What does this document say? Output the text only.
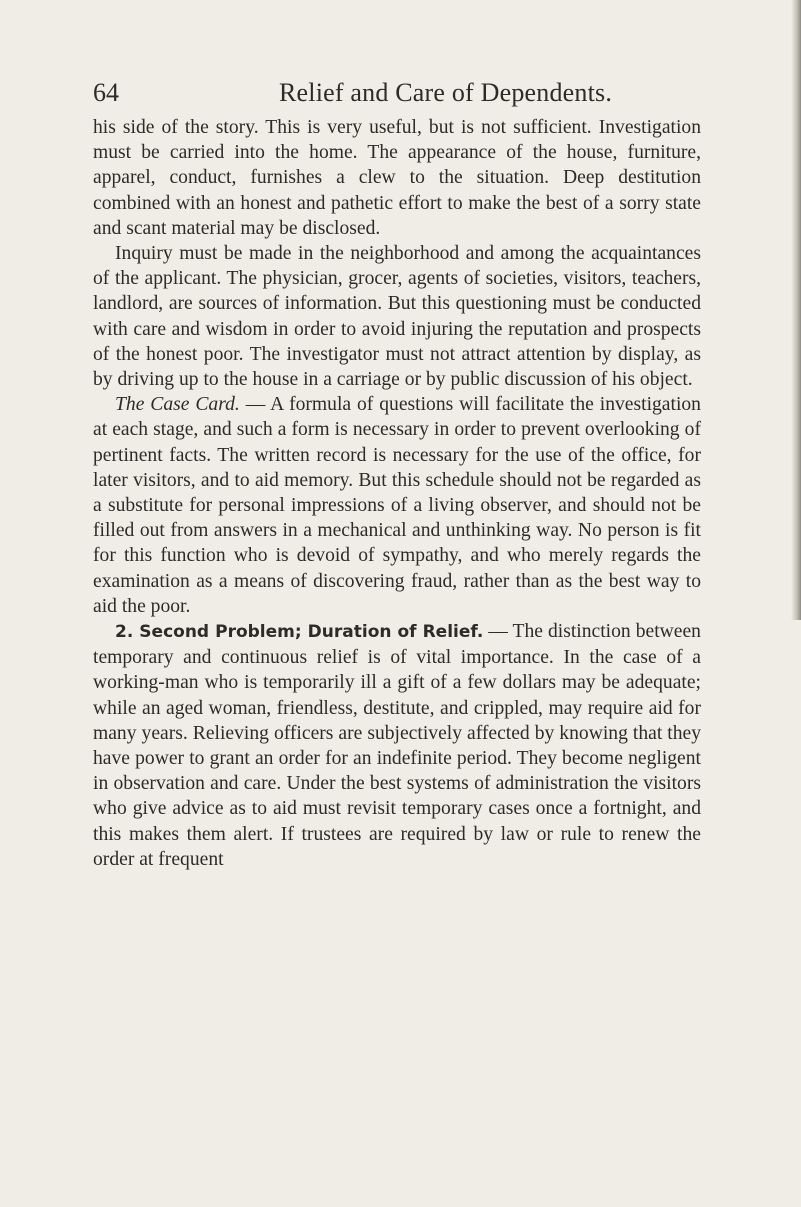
64	Relief and Care of Dependents.

his side of the story. This is very useful, but is not sufficient. Investigation must be carried into the home. The appearance of the house, furniture, apparel, conduct, furnishes a clew to the situation. Deep destitution combined with an honest and pathetic effort to make the best of a sorry state and scant material may be disclosed.

Inquiry must be made in the neighborhood and among the acquaintances of the applicant. The physician, grocer, agents of societies, visitors, teachers, landlord, are sources of information. But this questioning must be conducted with care and wisdom in order to avoid injuring the reputation and prospects of the honest poor. The investigator must not attract attention by display, as by driving up to the house in a carriage or by public discussion of his object.

The Case Card. — A formula of questions will facilitate the investigation at each stage, and such a form is necessary in order to prevent overlooking of pertinent facts. The written record is necessary for the use of the office, for later visitors, and to aid memory. But this schedule should not be regarded as a substitute for personal impressions of a living observer, and should not be filled out from answers in a mechanical and unthinking way. No person is fit for this function who is devoid of sympathy, and who merely regards the examination as a means of discovering fraud, rather than as the best way to aid the poor.

2. Second Problem; Duration of Relief. — The distinction between temporary and continuous relief is of vital importance. In the case of a working-man who is temporarily ill a gift of a few dollars may be adequate; while an aged woman, friendless, destitute, and crippled, may require aid for many years. Relieving officers are subjectively affected by knowing that they have power to grant an order for an indefinite period. They become negligent in observation and care. Under the best systems of administration the visitors who give advice as to aid must revisit temporary cases once a fortnight, and this makes them alert. If trustees are required by law or rule to renew the order at frequent
